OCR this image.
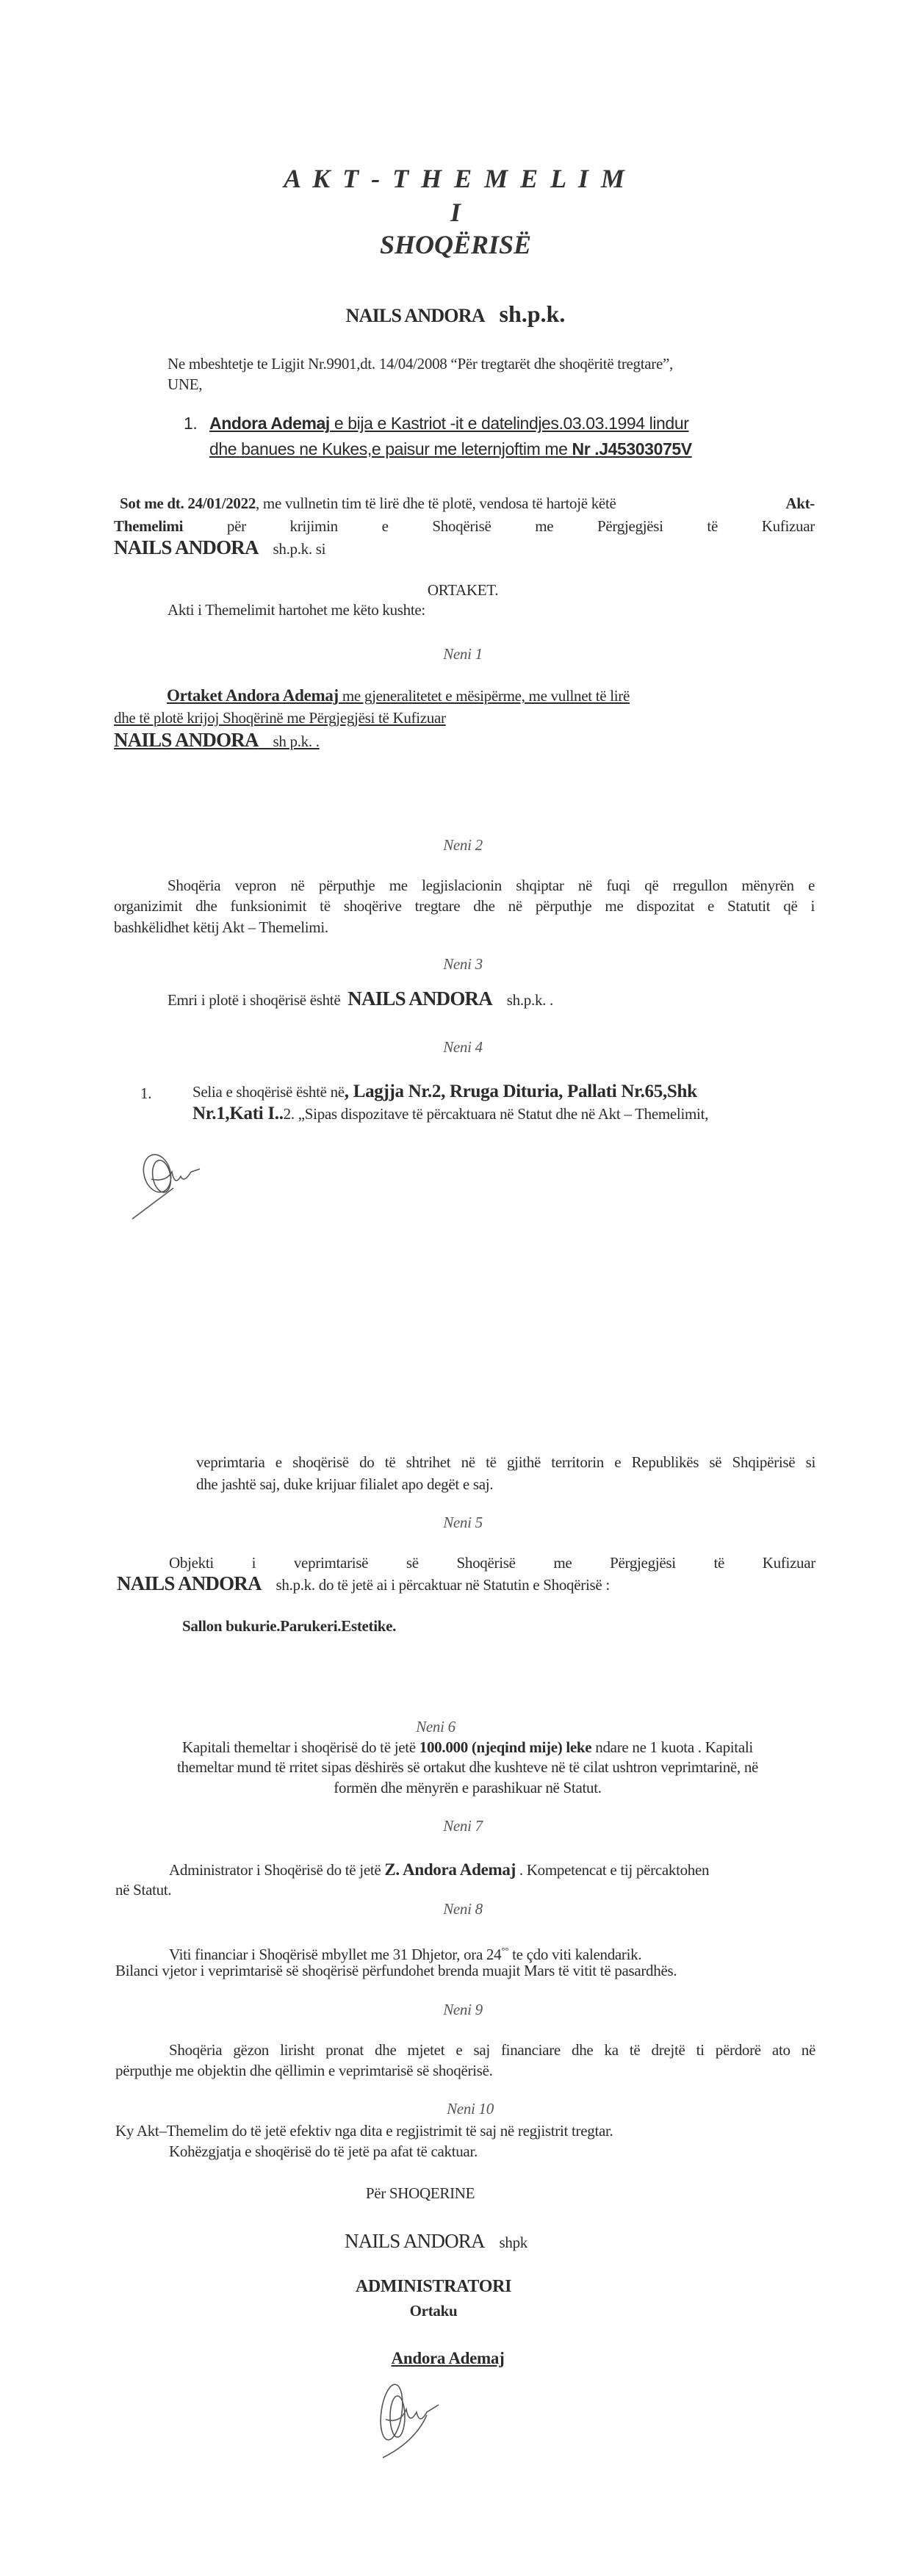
A K T - T H E M E L I M
I
SHOQËRISË
NAILS ANDORA sh.p.k.
Ne mbeshtetje te Ligjit Nr.9901,dt. 14/04/2008 “Për tregtarët dhe shoqëritë tregtare”,
UNE,
1. Andora Ademaj e bija e Kastriot -it e datelindjes.03.03.1994 lindur
dhe banues ne Kukes,e paisur me leternjoftim me Nr .J45303075V
Sot me dt. 24/01/2022, me vullnetin tim të lirë dhe të plotë, vendosa të hartojë këtë	Akt-
Themelimi	për	krijimin	e	Shoqërisë	me	Përgjegjësi	të	Kufizuar
NAILS ANDORA sh.p.k. si
ORTAKET.
Akti i Themelimit hartohet me këto kushte:
Neni 1
Ortaket Andora Ademaj me gjeneralitetet e mësipërme, me vullnet të lirë
dhe të plotë krijoj Shoqërinë me Përgjegjësi të Kufizuar
NAILS ANDORA sh p.k. .
Neni 2
Shoqëria vepron në përputhje me legjislacionin shqiptar në fuqi që rregullon mënyrën e
organizimit dhe funksionimit të shoqërive tregtare dhe në përputhje me dispozitat e Statutit që i
bashkëlidhet këtij Akt – Themelimi.
Neni 3
Emri i plotë i shoqërisë është  NAILS ANDORA sh.p.k. .
Neni 4
1.	Selia e shoqërisë është në, Lagjja Nr.2, Rruga Dituria, Pallati Nr.65,Shk
Nr.1,Kati I..2. „Sipas dispozitave të përcaktuara në Statut dhe në Akt – Themelimit,
veprimtaria e shoqërisë do të shtrihet në të gjithë territorin e Republikës së Shqipërisë si
dhe jashtë saj, duke krijuar filialet apo degët e saj.
Neni 5
Objekti i veprimtarisë së Shoqërisë me Përgjegjësi të Kufizuar
NAILS ANDORA sh.p.k. do të jetë ai i përcaktuar në Statutin e Shoqërisë :
Sallon bukurie.Parukeri.Estetike.
Neni 6
Kapitali themeltar i shoqërisë do të jetë 100.000 (njeqind mije) leke ndare ne 1 kuota . Kapitali
themeltar mund të rritet sipas dëshirës së ortakut dhe kushteve në të cilat ushtron veprimtarinë, në
formën dhe mënyrën e parashikuar në Statut.
Neni 7
Administrator i Shoqërisë do të jetë Z. Andora Ademaj . Kompetencat e tij përcaktohen
në Statut.
Neni 8
Viti financiar i Shoqërisë mbyllet me 31 Dhjetor, ora 24°° te çdo viti kalendarik.
Bilanci vjetor i veprimtarisë së shoqërisë përfundohet brenda muajit Mars të vitit të pasardhës.
Neni 9
Shoqëria gëzon lirisht pronat dhe mjetet e saj financiare dhe ka të drejtë ti përdorë ato në
përputhje me objektin dhe qëllimin e veprimtarisë së shoqërisë.
Neni 10
Ky Akt–Themelim do të jetë efektiv nga dita e regjistrimit të saj në regjistrit tregtar.
Kohëzgjatja e shoqërisë do të jetë pa afat të caktuar.
Për SHOQERINE
NAILS ANDORA shpk
ADMINISTRATORI
Ortaku
Andora Ademaj
